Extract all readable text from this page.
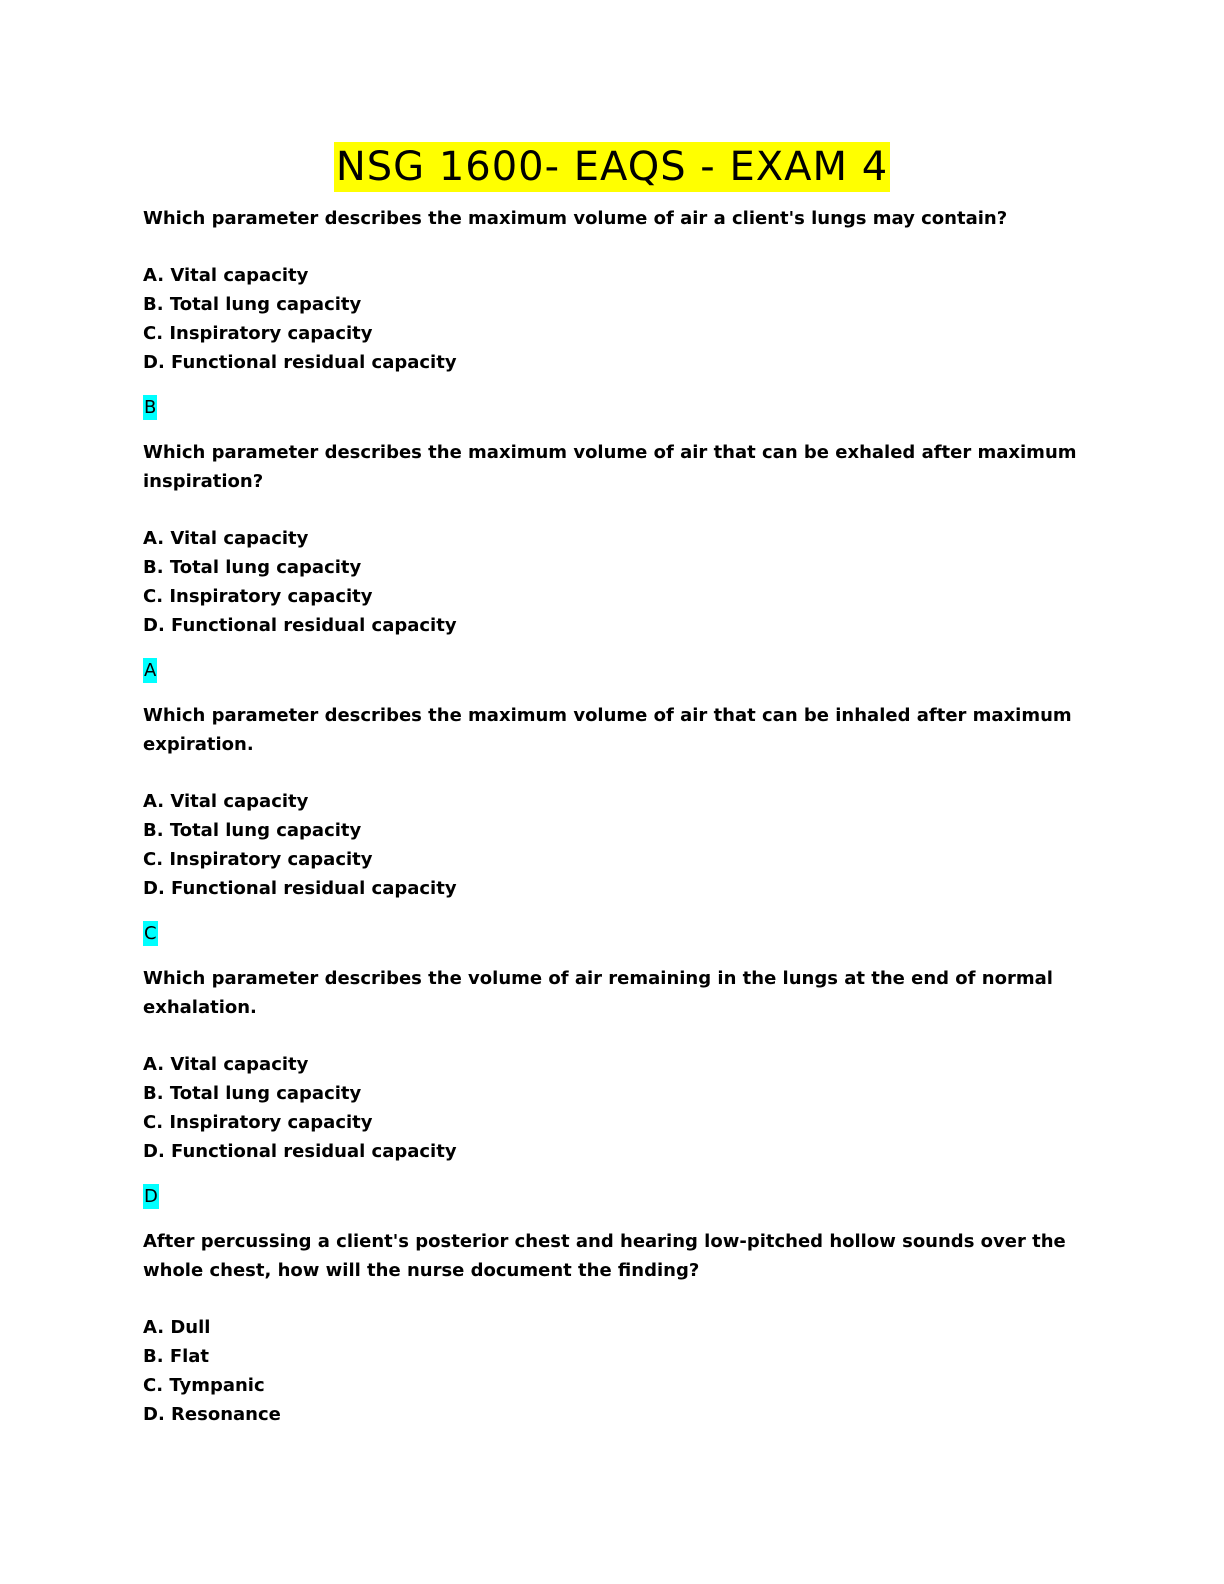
NSG 1600- EAQS - EXAM 4

Which parameter describes the maximum volume of air a client's lungs may contain?

A. Vital capacity
B. Total lung capacity
C. Inspiratory capacity
D. Functional residual capacity
B

Which parameter describes the maximum volume of air that can be exhaled after maximum inspiration?

A. Vital capacity
B. Total lung capacity
C. Inspiratory capacity
D. Functional residual capacity
A

Which parameter describes the maximum volume of air that can be inhaled after maximum expiration.

A. Vital capacity
B. Total lung capacity
C. Inspiratory capacity
D. Functional residual capacity
C

Which parameter describes the volume of air remaining in the lungs at the end of normal exhalation.

A. Vital capacity
B. Total lung capacity
C. Inspiratory capacity
D. Functional residual capacity
D

After percussing a client's posterior chest and hearing low-pitched hollow sounds over the whole chest, how will the nurse document the finding?

A. Dull
B. Flat
C. Tympanic
D. Resonance
